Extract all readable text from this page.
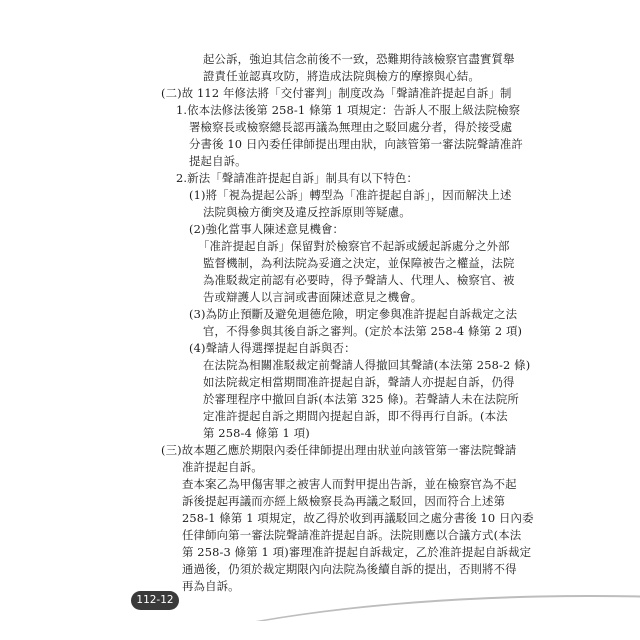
起公訴，強迫其信念前後不一致，恐難期待該檢察官盡實質舉
證責任並認真攻防，將造成法院與檢方的摩擦與心結。
(二)故 112 年修法將「交付審判」制度改為「聲請准許提起自訴」制
1.依本法修法後第 258-1 條第 1 項規定：告訴人不服上級法院檢察
署檢察長或檢察總長認再議為無理由之駁回處分者，得於接受處
分書後 10 日內委任律師提出理由狀，向該管第一審法院聲請准許
提起自訴。
2.新法「聲請准許提起自訴」制具有以下特色：
(1)將「視為提起公訴」轉型為「准許提起自訴」，因而解決上述
法院與檢方衝突及違反控訴原則等疑慮。
(2)強化當事人陳述意見機會：
「准許提起自訴」保留對於檢察官不起訴或緩起訴處分之外部
監督機制，為利法院為妥適之決定，並保障被告之權益，法院
為准駁裁定前認有必要時，得予聲請人、代理人、檢察官、被
告或辯護人以言詞或書面陳述意見之機會。
(3)為防止預斷及避免迴德危險，明定參與准許提起自訴裁定之法
官，不得參與其後自訴之審判。(定於本法第 258-4 條第 2 項)
(4)聲請人得選擇提起自訴與否：
在法院為相關准駁裁定前聲請人得撤回其聲請(本法第 258-2 條)
如法院裁定相當期間准許提起自訴，聲請人亦提起自訴，仍得
於審理程序中撤回自訴(本法第 325 條)。若聲請人未在法院所
定准許提起自訴之期間內提起自訴，即不得再行自訴。(本法
第 258-4 條第 1 項)
(三)故本題乙應於期限內委任律師提出理由狀並向該管第一審法院聲請
准許提起自訴。
查本案乙為甲傷害罪之被害人而對甲提出告訴，並在檢察官為不起
訴後提起再議而亦經上級檢察長為再議之駁回，因而符合上述第
258-1 條第 1 項規定，故乙得於收到再議駁回之處分書後 10 日內委
任律師向第一審法院聲請准許提起自訴。法院則應以合議方式(本法
第 258-3 條第 1 項)審理准許提起自訴裁定，乙於准許提起自訴裁定
通過後，仍須於裁定期限內向法院為後續自訴的提出，否則將不得
再為自訴。
112-12
